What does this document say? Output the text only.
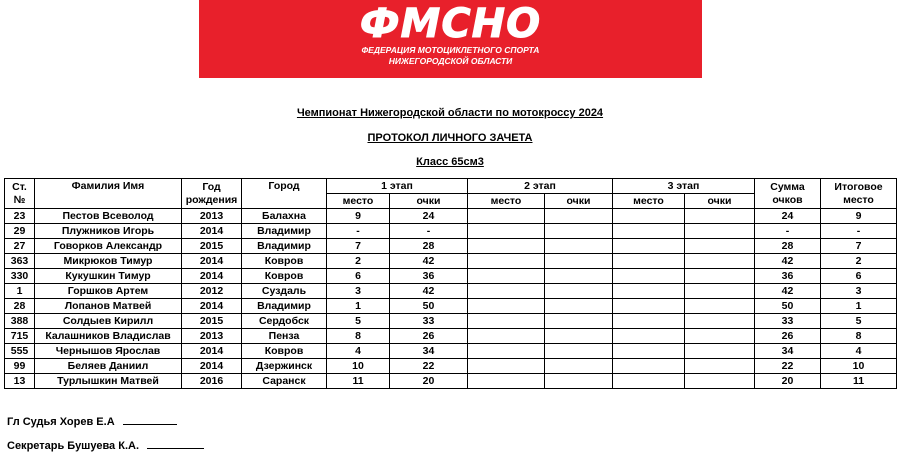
ФМСНО
ФЕДЕРАЦИЯ МОТОЦИКЛЕТНОГО СПОРТА
НИЖЕГОРОДСКОЙ ОБЛАСТИ
Чемпионат Нижегородской области по мотокроссу 2024
ПРОТОКОЛ ЛИЧНОГО ЗАЧЕТА
Класс 65см3
Ст. №	Фамилия Имя	Год рождения	Город	1 этап		2 этап		3 этап		Сумма очков	Итоговое место
				место	очки	место	очки	место	очки		
23	Пестов Всеволод	2013	Балахна	9	24					24	9
29	Плужников Игорь	2014	Владимир	-	-					-	-
27	Говорков Александр	2015	Владимир	7	28					28	7
363	Микрюков Тимур	2014	Ковров	2	42					42	2
330	Кукушкин Тимур	2014	Ковров	6	36					36	6
1	Горшков Артем	2012	Суздаль	3	42					42	3
28	Лопанов Матвей	2014	Владимир	1	50					50	1
388	Солдыев Кирилл	2015	Сердобск	5	33					33	5
715	Калашников Владислав	2013	Пенза	8	26					26	8
555	Чернышов Ярослав	2014	Ковров	4	34					34	4
99	Беляев Даниил	2014	Дзержинск	10	22					22	10
13	Турлышкин Матвей	2016	Саранск	11	20					20	11
Гл Судья Хорев Е.А
Секретарь Бушуева К.А.
